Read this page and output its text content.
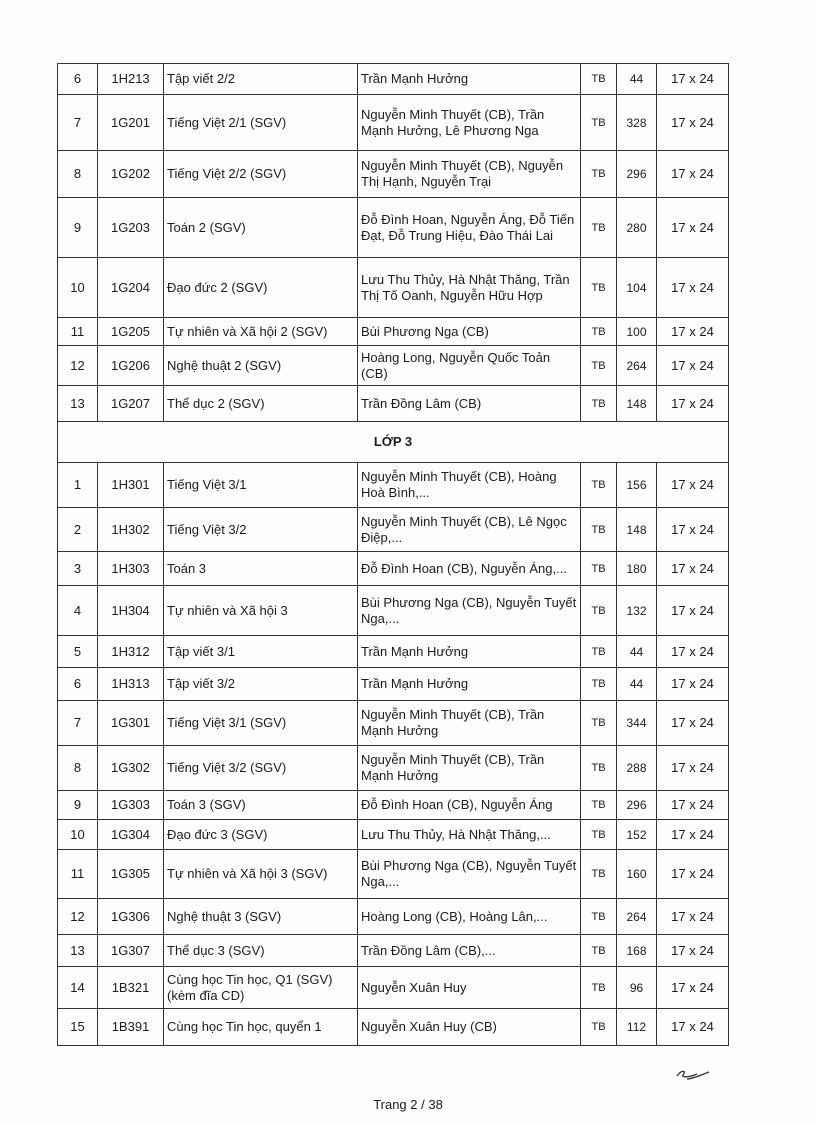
6	1H213	Tập viết 2/2	Trần Mạnh Hưởng	TB	44	17 x 24
7	1G201	Tiếng Việt 2/1 (SGV)	Nguyễn Minh Thuyết (CB), Trần Mạnh Hưởng, Lê Phương Nga	TB	328	17 x 24
8	1G202	Tiếng Việt 2/2 (SGV)	Nguyễn Minh Thuyết (CB), Nguyễn Thị Hạnh, Nguyễn Trại	TB	296	17 x 24
9	1G203	Toán 2 (SGV)	Đỗ Đình Hoan, Nguyễn Áng, Đỗ Tiến Đạt, Đỗ Trung Hiệu, Đào Thái Lai	TB	280	17 x 24
10	1G204	Đạo đức 2 (SGV)	Lưu Thu Thủy, Hà Nhật Thăng, Trần Thị Tố Oanh, Nguyễn Hữu Hợp	TB	104	17 x 24
11	1G205	Tự nhiên và Xã hội 2 (SGV)	Bùi Phương Nga (CB)	TB	100	17 x 24
12	1G206	Nghệ thuật 2 (SGV)	Hoàng Long, Nguyễn Quốc Toản (CB)	TB	264	17 x 24
13	1G207	Thể dục 2 (SGV)	Trần Đồng Lâm (CB)	TB	148	17 x 24
LỚP 3						
1	1H301	Tiếng Việt 3/1	Nguyễn Minh Thuyết (CB), Hoàng Hoà Bình,...	TB	156	17 x 24
2	1H302	Tiếng Việt 3/2	Nguyễn Minh Thuyết (CB), Lê Ngọc Điệp,...	TB	148	17 x 24
3	1H303	Toán 3	Đỗ Đình Hoan (CB), Nguyễn Áng,...	TB	180	17 x 24
4	1H304	Tự nhiên và Xã hội 3	Bùi Phương Nga (CB), Nguyễn Tuyết Nga,...	TB	132	17 x 24
5	1H312	Tập viết 3/1	Trần Mạnh Hưởng	TB	44	17 x 24
6	1H313	Tập viết 3/2	Trần Mạnh Hưởng	TB	44	17 x 24
7	1G301	Tiếng Việt 3/1 (SGV)	Nguyễn Minh Thuyết (CB), Trần Mạnh Hưởng	TB	344	17 x 24
8	1G302	Tiếng Việt 3/2 (SGV)	Nguyễn Minh Thuyết (CB), Trần Mạnh Hưởng	TB	288	17 x 24
9	1G303	Toán 3 (SGV)	Đỗ Đình Hoan (CB), Nguyễn Áng	TB	296	17 x 24
10	1G304	Đạo đức 3 (SGV)	Lưu Thu Thủy, Hà Nhật Thăng,...	TB	152	17 x 24
11	1G305	Tự nhiên và Xã hội 3 (SGV)	Bùi Phương Nga (CB), Nguyễn Tuyết Nga,...	TB	160	17 x 24
12	1G306	Nghệ thuật 3 (SGV)	Hoàng Long (CB), Hoàng Lân,...	TB	264	17 x 24
13	1G307	Thể dục 3 (SGV)	Trần Đồng Lâm (CB),...	TB	168	17 x 24
14	1B321	Cùng học Tin học, Q1 (SGV) (kèm đĩa CD)	Nguyễn Xuân Huy	TB	96	17 x 24
15	1B391	Cùng học Tin học, quyển 1	Nguyễn Xuân Huy (CB)	TB	112	17 x 24
Trang 2 / 38
